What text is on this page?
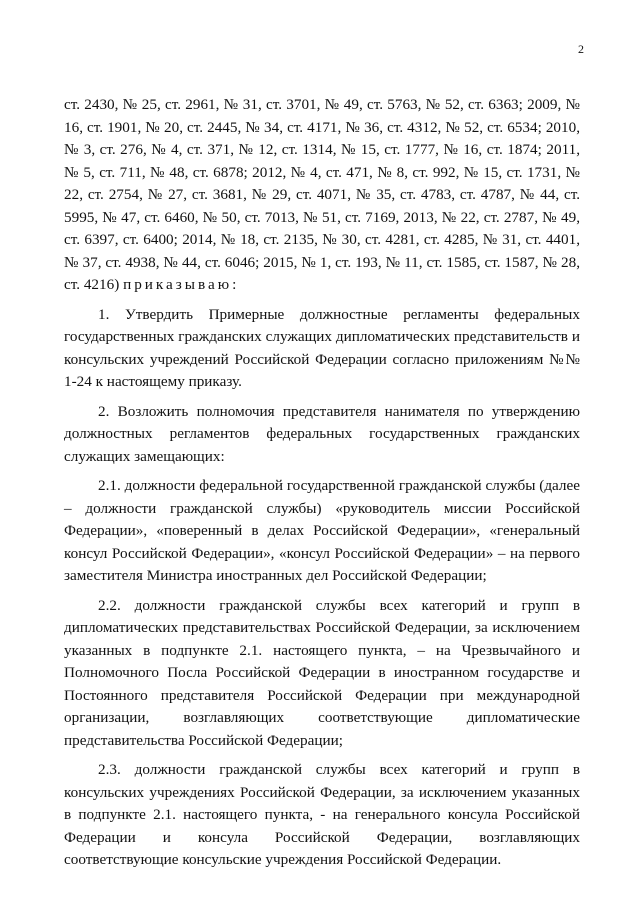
2

ст. 2430, № 25, ст. 2961, № 31, ст. 3701, № 49, ст. 5763, № 52, ст. 6363; 2009, № 16, ст. 1901, № 20, ст. 2445, № 34, ст. 4171, № 36, ст. 4312, № 52, ст. 6534; 2010, № 3, ст. 276, № 4, ст. 371, № 12, ст. 1314, № 15, ст. 1777, № 16, ст. 1874; 2011, № 5, ст. 711, № 48, ст. 6878; 2012, № 4, ст. 471, № 8, ст. 992, № 15, ст. 1731, № 22, ст. 2754, № 27, ст. 3681, № 29, ст. 4071, № 35, ст. 4783, ст. 4787, № 44, ст. 5995, № 47, ст. 6460, № 50, ст. 7013, № 51, ст. 7169, 2013, № 22, ст. 2787, № 49, ст. 6397, ст. 6400; 2014, № 18, ст. 2135, № 30, ст. 4281, ст. 4285, № 31, ст. 4401, № 37, ст. 4938, № 44, ст. 6046; 2015, № 1, ст. 193, № 11, ст. 1585, ст. 1587, № 28, ст. 4216) приказываю:

1. Утвердить Примерные должностные регламенты федеральных государственных гражданских служащих дипломатических представительств и консульских учреждений Российской Федерации согласно приложениям №№ 1-24 к настоящему приказу.

2. Возложить полномочия представителя нанимателя по утверждению должностных регламентов федеральных государственных гражданских служащих замещающих:

2.1. должности федеральной государственной гражданской службы (далее – должности гражданской службы) «руководитель миссии Российской Федерации», «поверенный в делах Российской Федерации», «генеральный консул Российской Федерации», «консул Российской Федерации» – на первого заместителя Министра иностранных дел Российской Федерации;

2.2. должности гражданской службы всех категорий и групп в дипломатических представительствах Российской Федерации, за исключением указанных в подпункте 2.1. настоящего пункта, – на Чрезвычайного и Полномочного Посла Российской Федерации в иностранном государстве и Постоянного представителя Российской Федерации при международной организации, возглавляющих соответствующие дипломатические представительства Российской Федерации;

2.3. должности гражданской службы всех категорий и групп в консульских учреждениях Российской Федерации, за исключением указанных в подпункте 2.1. настоящего пункта, - на генерального консула Российской Федерации и консула Российской Федерации, возглавляющих соответствующие консульские учреждения Российской Федерации.
